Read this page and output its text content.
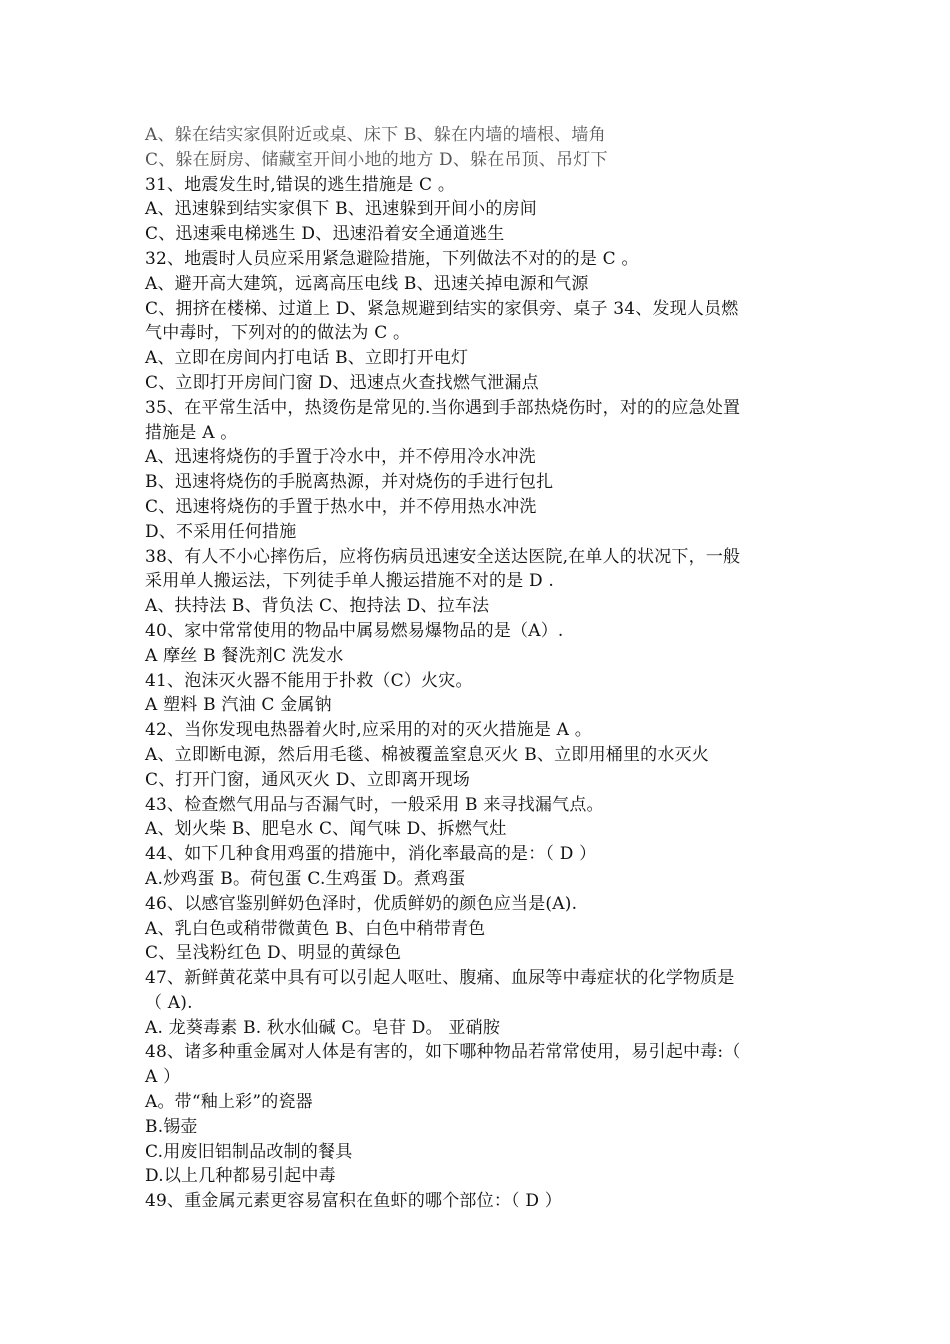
A、躲在结实家俱附近或桌、床下 B、躲在内墙的墙根、墙角
C、躲在厨房、储藏室开间小地的地方 D、躲在吊顶、吊灯下
31、地震发生时,错误的逃生措施是 C 。
A、迅速躲到结实家俱下 B、迅速躲到开间小的房间
C、迅速乘电梯逃生 D、迅速沿着安全通道逃生
32、地震时人员应采用紧急避险措施，下列做法不对的的是 C 。
A、避开高大建筑，远离高压电线 B、迅速关掉电源和气源
C、拥挤在楼梯、过道上 D、紧急规避到结实的家俱旁、桌子 34、发现人员燃
气中毒时，下列对的的做法为 C 。
A、立即在房间内打电话 B、立即打开电灯
C、立即打开房间门窗 D、迅速点火查找燃气泄漏点
35、在平常生活中，热烫伤是常见的.当你遇到手部热烧伤时，对的的应急处置
措施是 A 。
A、迅速将烧伤的手置于冷水中，并不停用冷水冲洗
B、迅速将烧伤的手脱离热源，并对烧伤的手进行包扎
C、迅速将烧伤的手置于热水中，并不停用热水冲洗
D、不采用任何措施
38、有人不小心摔伤后，应将伤病员迅速安全送达医院,在单人的状况下，一般
采用单人搬运法，下列徒手单人搬运措施不对的是 D .
A、扶持法 B、背负法 C、抱持法 D、拉车法
40、家中常常使用的物品中属易燃易爆物品的是（A）.
A 摩丝 B 餐洗剂C 洗发水
41、泡沫灭火器不能用于扑救（C）火灾。
A 塑料 B 汽油 C 金属钠
42、当你发现电热器着火时,应采用的对的灭火措施是 A 。
A、立即断电源，然后用毛毯、棉被覆盖窒息灭火 B、立即用桶里的水灭火
C、打开门窗，通风灭火 D、立即离开现场
43、检查燃气用品与否漏气时，一般采用 B 来寻找漏气点。
A、划火柴 B、肥皂水 C、闻气味 D、拆燃气灶
44、如下几种食用鸡蛋的措施中，消化率最高的是：（ D ）
A.炒鸡蛋 B。荷包蛋 C.生鸡蛋 D。煮鸡蛋
46、以感官鉴别鲜奶色泽时，优质鲜奶的颜色应当是(A).
A、乳白色或稍带微黄色 B、白色中稍带青色
C、呈浅粉红色 D、明显的黄绿色
47、新鲜黄花菜中具有可以引起人呕吐、腹痛、血尿等中毒症状的化学物质是
（ A).
A. 龙葵毒素 B. 秋水仙碱 C。皂苷 D。 亚硝胺
48、诸多种重金属对人体是有害的，如下哪种物品若常常使用，易引起中毒:（
A ）
A。带“釉上彩”的瓷器
B.锡壶
C.用废旧铝制品改制的餐具
D.以上几种都易引起中毒
49、重金属元素更容易富积在鱼虾的哪个部位：（ D ）
